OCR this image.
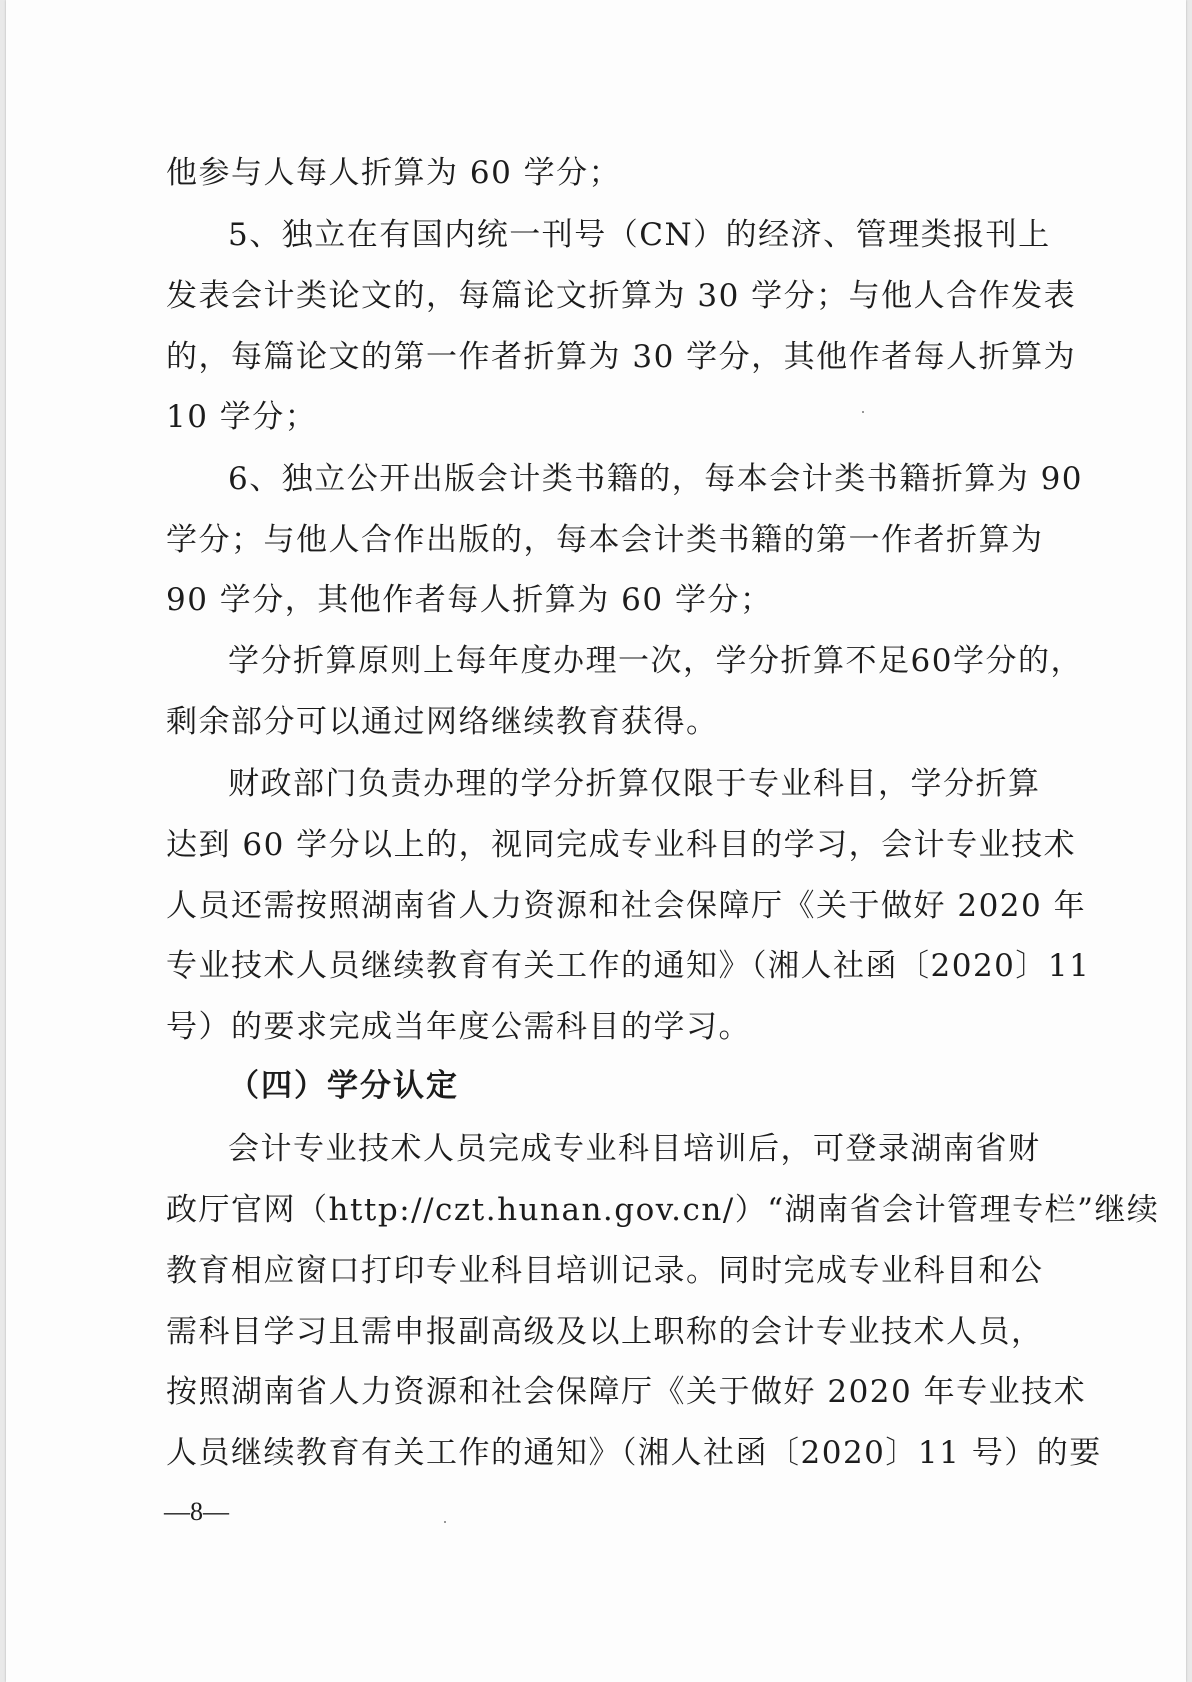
他参与人每人折算为 60 学分；
5、独立在有国内统一刊号（CN）的经济、管理类报刊上
发表会计类论文的，每篇论文折算为 30 学分；与他人合作发表
的，每篇论文的第一作者折算为 30 学分，其他作者每人折算为
10 学分；
6、独立公开出版会计类书籍的，每本会计类书籍折算为 90
学分；与他人合作出版的，每本会计类书籍的第一作者折算为
90 学分，其他作者每人折算为 60 学分；
学分折算原则上每年度办理一次，学分折算不足60学分的，
剩余部分可以通过网络继续教育获得。
财政部门负责办理的学分折算仅限于专业科目，学分折算
达到 60 学分以上的，视同完成专业科目的学习，会计专业技术
人员还需按照湖南省人力资源和社会保障厅《关于做好 2020 年
专业技术人员继续教育有关工作的通知》（湘人社函〔2020〕11
号）的要求完成当年度公需科目的学习。
（四）学分认定
会计专业技术人员完成专业科目培训后，可登录湖南省财
政厅官网（http://czt.hunan.gov.cn/）“湖南省会计管理专栏”继续
教育相应窗口打印专业科目培训记录。同时完成专业科目和公
需科目学习且需申报副高级及以上职称的会计专业技术人员，
按照湖南省人力资源和社会保障厅《关于做好 2020 年专业技术
人员继续教育有关工作的通知》（湘人社函〔2020〕11 号）的要
—8—
